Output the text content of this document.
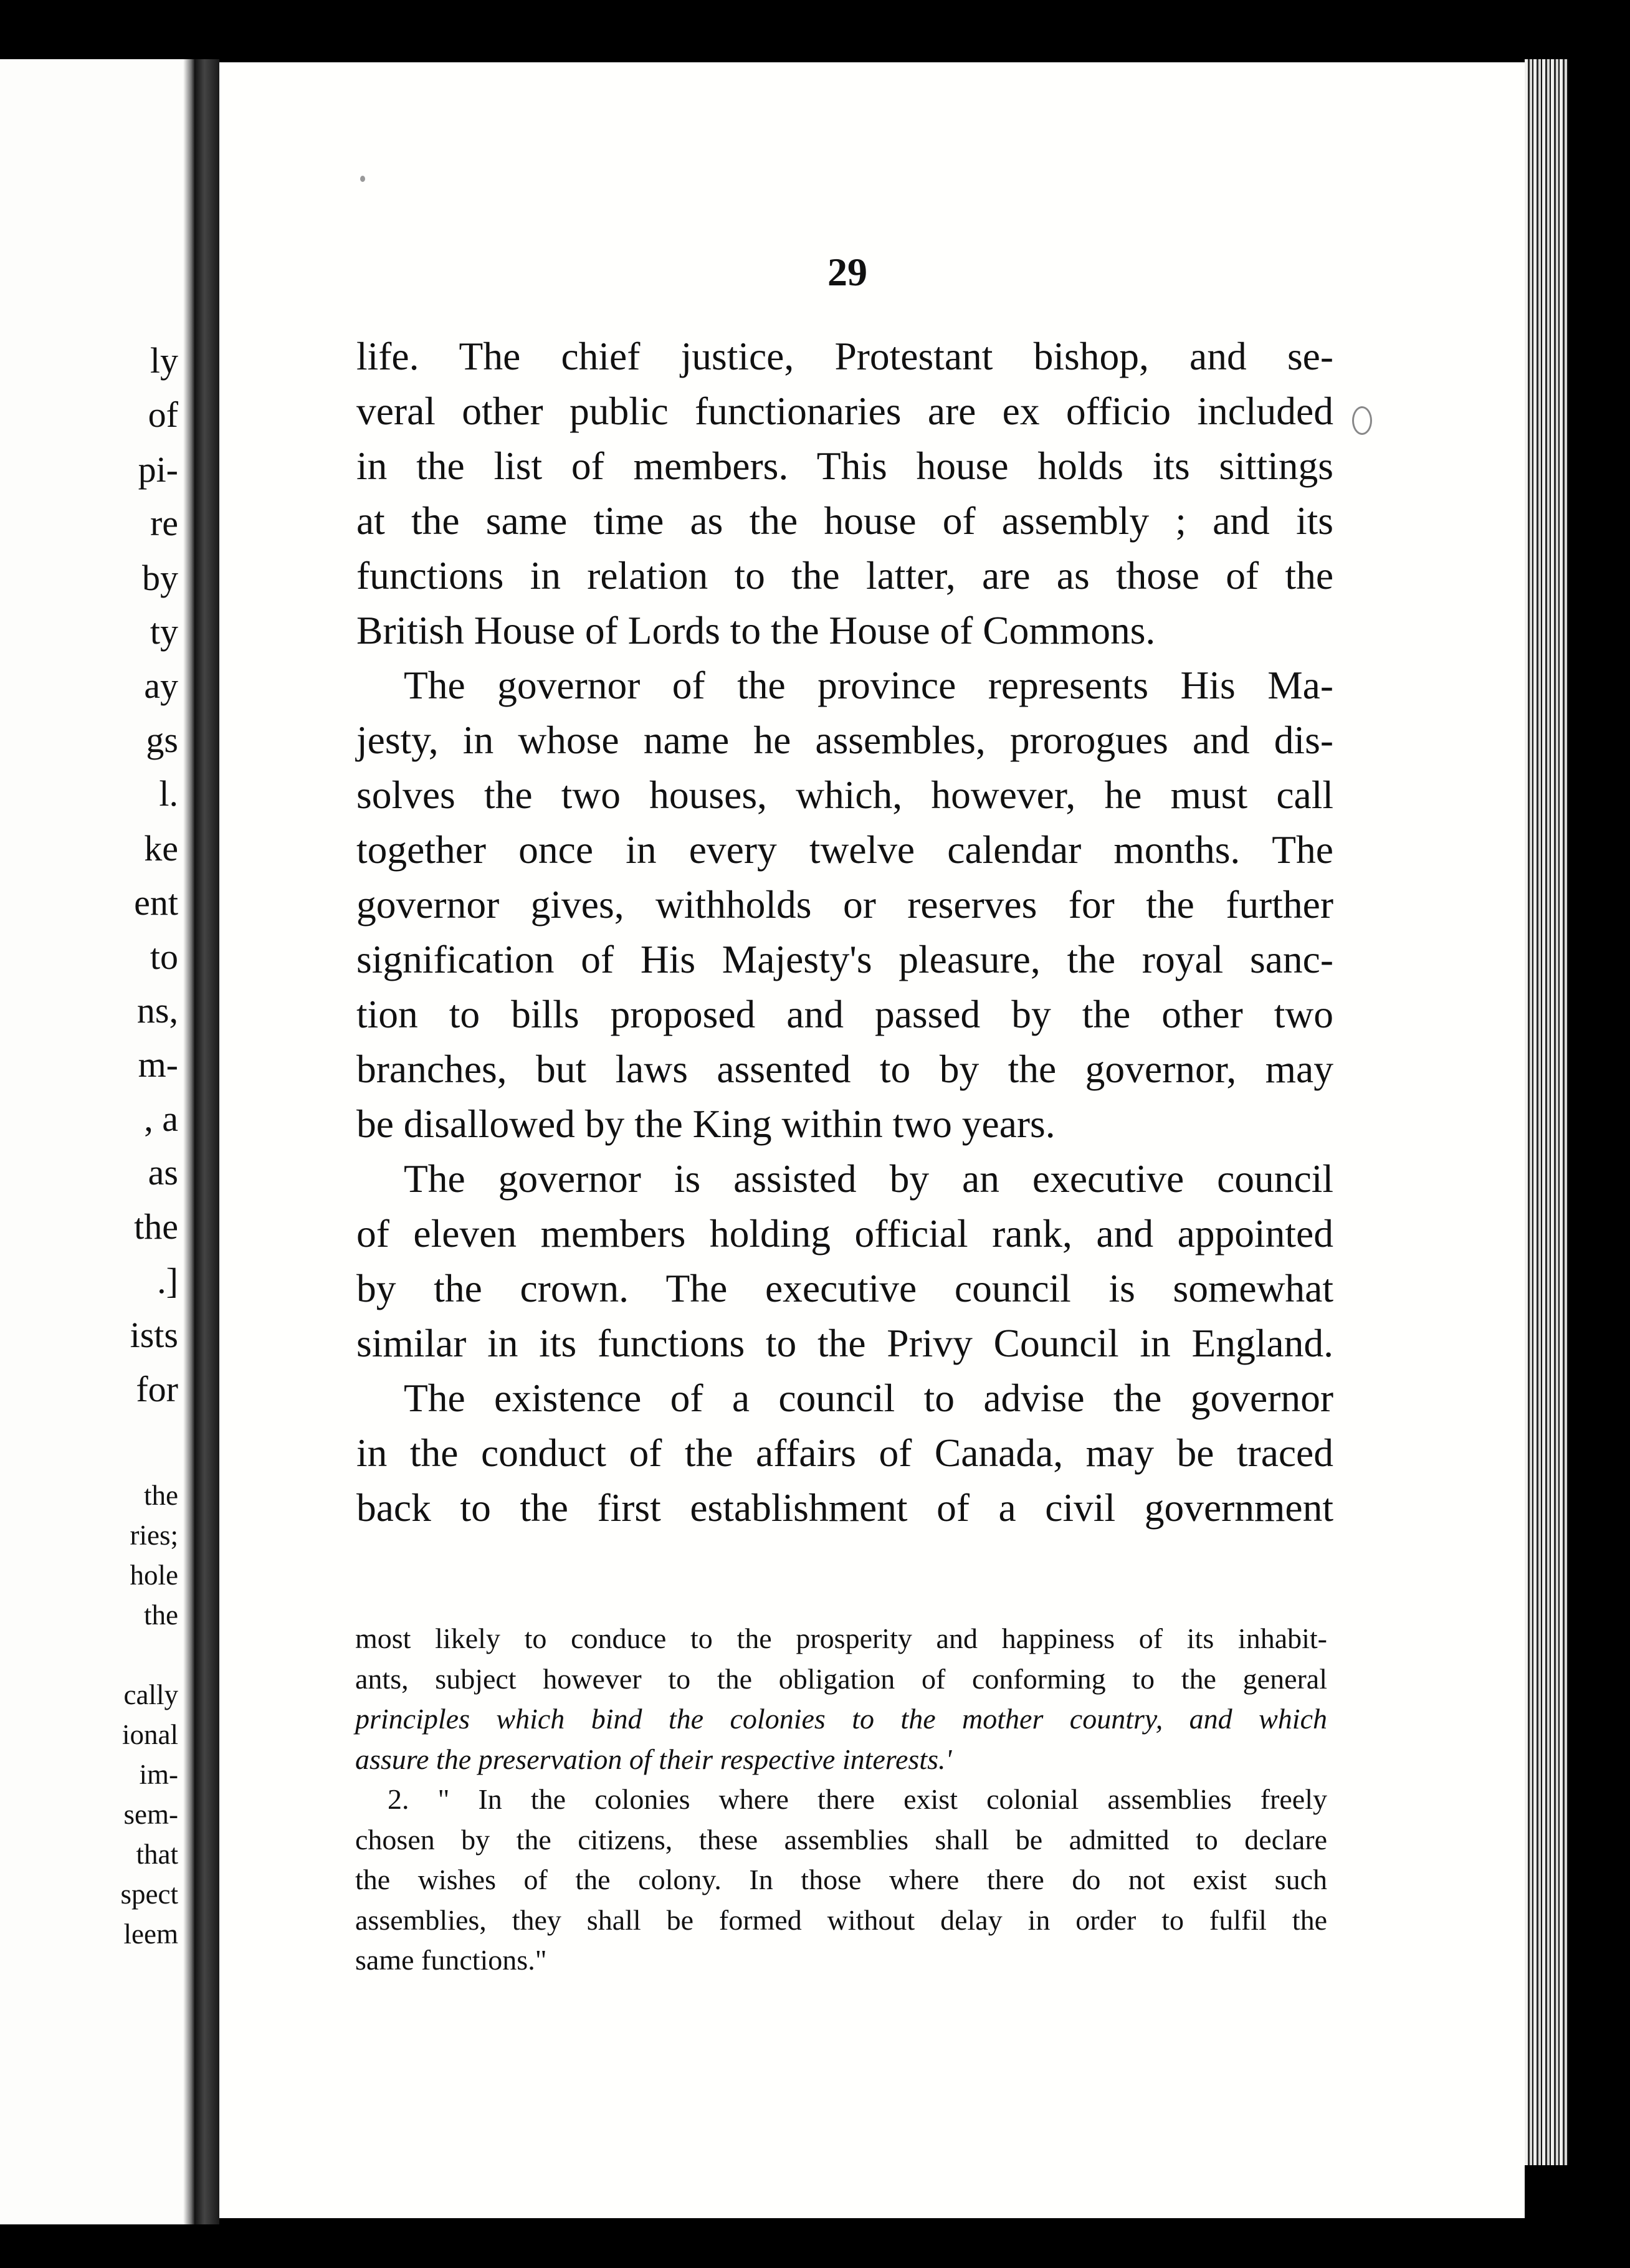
ly
of
pi-
re
by
ty
ay
gs
l.
ke
ent
to
ns,
m-
, a
as
the
.]
ists
for
the
ries;
hole
the
cally
ional
im-
sem-
that
spect
leem
29
life. The chief justice, Protestant bishop, and se-
veral other public functionaries are ex officio included
in the list of members. This house holds its sittings
at the same time as the house of assembly ; and its
functions in relation to the latter, are as those of the
British House of Lords to the House of Commons.
The governor of the province represents His Ma-
jesty, in whose name he assembles, prorogues and dis-
solves the two houses, which, however, he must call
together once in every twelve calendar months. The
governor gives, withholds or reserves for the further
signification of His Majesty's pleasure, the royal sanc-
tion to bills proposed and passed by the other two
branches, but laws assented to by the governor, may
be disallowed by the King within two years.
The governor is assisted by an executive council
of eleven members holding official rank, and appointed
by the crown. The executive council is somewhat
similar in its functions to the Privy Council in England.
The existence of a council to advise the governor
in the conduct of the affairs of Canada, may be traced
back to the first establishment of a civil government
most likely to conduce to the prosperity and happiness of its inhabit-
ants, subject however to the obligation of conforming to the general
principles which bind the colonies to the mother country, and which
assure the preservation of their respective interests.'
2. " In the colonies where there exist colonial assemblies freely
chosen by the citizens, these assemblies shall be admitted to declare
the wishes of the colony. In those where there do not exist such
assemblies, they shall be formed without delay in order to fulfil the
same functions."
